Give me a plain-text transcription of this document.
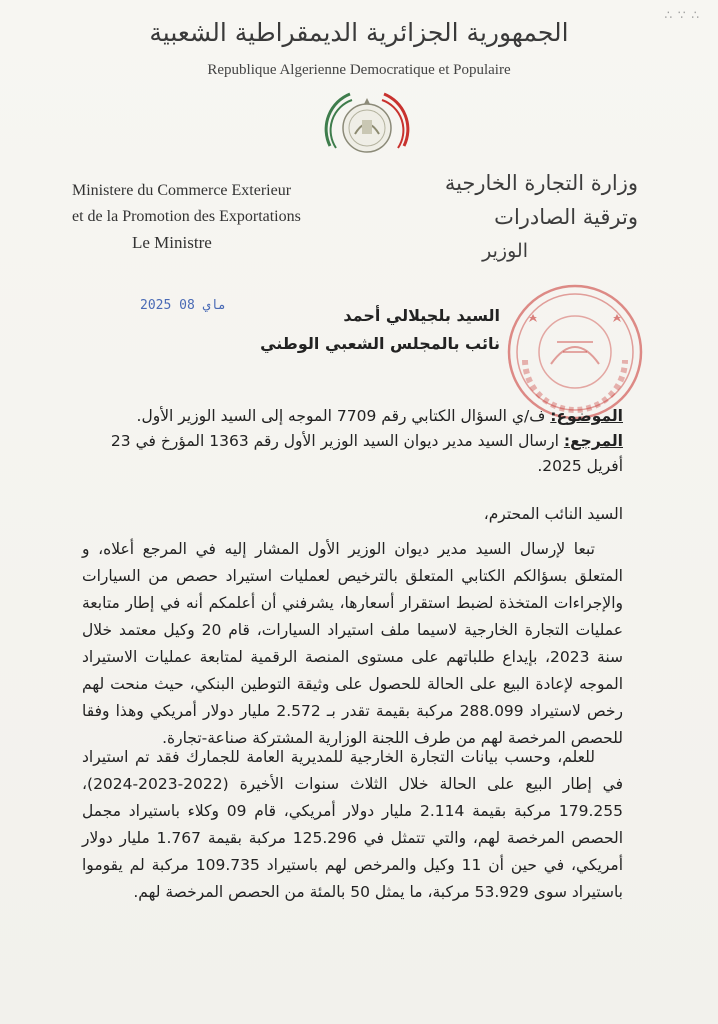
∴ ∵ ∴
الجمهورية الجزائرية الديمقراطية الشعبية
Republique Algerienne Democratique et Populaire
Ministere du Commerce Exterieur
et de la Promotion des Exportations
Le Ministre
وزارة التجارة الخارجية
وترقية الصادرات
الوزير
2025 ماي 08
السيد بلجيلالي أحمد
نائب بالمجلس الشعبي الوطني
الموضوع: ف/ي السؤال الكتابي رقم 7709 الموجه إلى السيد الوزير الأول.
المرجع: ارسال السيد مدير ديوان السيد الوزير الأول رقم 1363 المؤرخ في 23 أفريل 2025.
السيد النائب المحترم،
تبعا لإرسال السيد مدير ديوان الوزير الأول المشار إليه في المرجع أعلاه، و المتعلق بسؤالكم الكتابي المتعلق بالترخيص لعمليات استيراد حصص من السيارات والإجراءات المتخذة لضبط استقرار أسعارها، يشرفني أن أعلمكم أنه في إطار متابعة عمليات التجارة الخارجية لاسيما ملف استيراد السيارات، قام 20 وكيل معتمد خلال سنة 2023، بإيداع طلباتهم على مستوى المنصة الرقمية لمتابعة عمليات الاستيراد الموجه لإعادة البيع على الحالة للحصول على وثيقة التوطين البنكي، حيث منحت لهم رخص لاستيراد 288.099 مركبة بقيمة تقدر بـ 2.572 مليار دولار أمريكي وهذا وفقا للحصص المرخصة لهم من طرف اللجنة الوزارية المشتركة صناعة-تجارة.
للعلم، وحسب بيانات التجارة الخارجية للمديرية العامة للجمارك فقد تم استيراد في إطار البيع على الحالة خلال الثلاث سنوات الأخيرة (2022-2023-2024)، 179.255 مركبة بقيمة 2.114 مليار دولار أمريكي، قام 09 وكلاء باستيراد مجمل الحصص المرخصة لهم، والتي تتمثل في 125.296 مركبة بقيمة 1.767 مليار دولار أمريكي، في حين أن 11 وكيل والمرخص لهم باستيراد 109.735 مركبة لم يقوموا باستيراد سوى 53.929 مركبة، ما يمثل 50 بالمئة من الحصص المرخصة لهم.
